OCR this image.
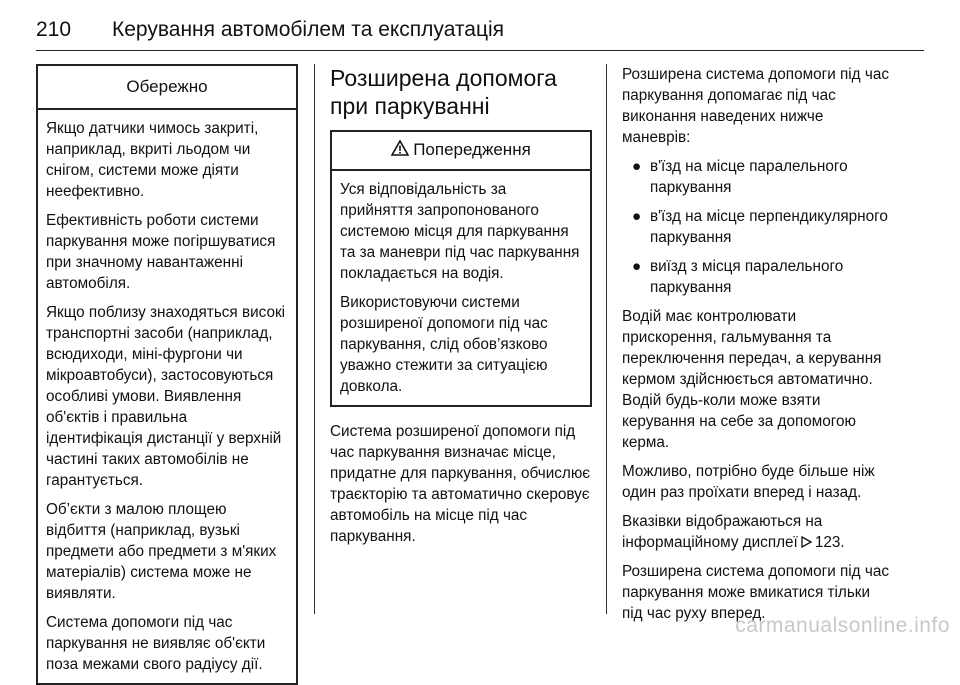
210 Керування автомобілем та експлуатація
Обережно

Якщо датчики чимось закриті, наприклад, вкриті льодом чи снігом, системи може діяти неефективно.

Ефективність роботи системи паркування може погіршуватися при значному навантаженні автомобіля.

Якщо поблизу знаходяться високі транспортні засоби (наприклад, всюдиходи, міні-фургони чи мікроавтобуси), застосовуються особливі умови. Виявлення об'єктів і правильна ідентифікація дистанції у верхній частині таких автомобілів не гарантується.

Об’єкти з малою площею відбиття (наприклад, вузькі предмети або предмети з м'яких матеріалів) система може не виявляти.

Система допомоги під час паркування не виявляє об'єкти поза межами свого радіусу дії.

Розширена допомога при паркуванні
Попередження

Уся відповідальність за прийняття запропонованого системою місця для паркування та за маневри під час паркування покладається на водія.

Використовуючи системи розширеної допомоги під час паркування, слід обов’язково уважно стежити за ситуацією довкола.

Система розширеної допомоги під час паркування визначає місце, придатне для паркування, обчислює траєкторію та автоматично скеровує автомобіль на місце під час паркування.

Розширена система допомоги під час паркування допомагає під час виконання наведених нижче маневрів:

● в'їзд на місце паралельного паркування
● в'їзд на місце перпендикулярного паркування
● виїзд з місця паралельного паркування

Водій має контролювати прискорення, гальмування та переключення передач, а керування кермом здійснюється автоматично. Водій будь-коли може взяти керування на себе за допомогою керма.

Можливо, потрібно буде більше ніж один раз проїхати вперед і назад.

Вказівки відображаються на інформаційному дисплеї 123.

Розширена система допомоги під час паркування може вмикатися тільки під час руху вперед.

carmanualsonline.info
